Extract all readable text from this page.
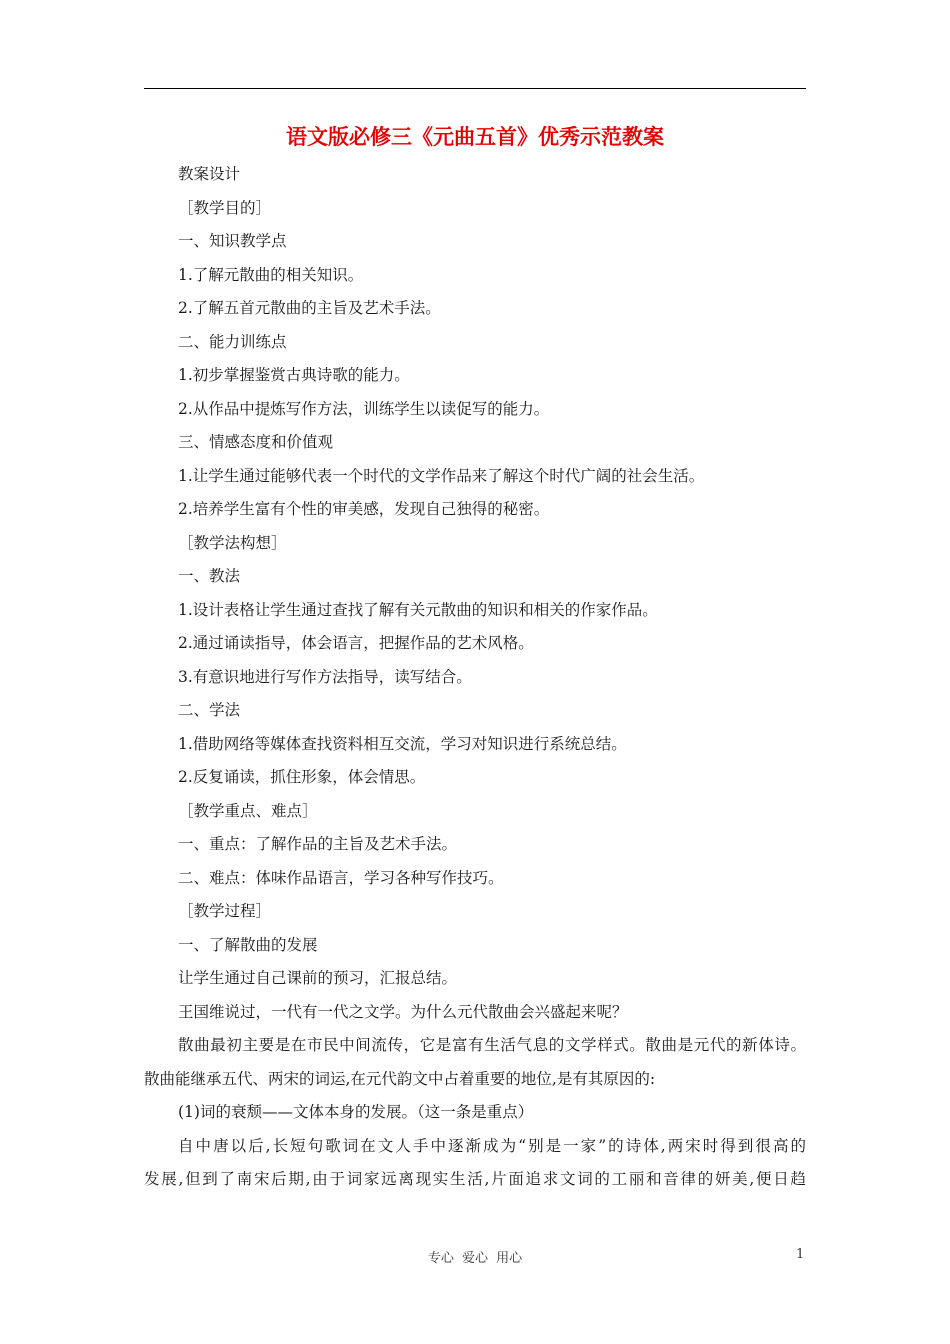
语文版必修三《元曲五首》优秀示范教案
教案设计
［教学目的］
一、知识教学点
1.了解元散曲的相关知识。
2.了解五首元散曲的主旨及艺术手法。
二、能力训练点
1.初步掌握鉴赏古典诗歌的能力。
2.从作品中提炼写作方法，训练学生以读促写的能力。
三、情感态度和价值观
1.让学生通过能够代表一个时代的文学作品来了解这个时代广阔的社会生活。
2.培养学生富有个性的审美感，发现自己独得的秘密。
［教学法构想］
一、教法
1.设计表格让学生通过查找了解有关元散曲的知识和相关的作家作品。
2.通过诵读指导，体会语言，把握作品的艺术风格。
3.有意识地进行写作方法指导，读写结合。
二、学法
1.借助网络等媒体查找资料相互交流，学习对知识进行系统总结。
2.反复诵读，抓住形象，体会情思。
［教学重点、难点］
一、重点：了解作品的主旨及艺术手法。
二、难点：体味作品语言，学习各种写作技巧。
［教学过程］
一、了解散曲的发展
让学生通过自己课前的预习，汇报总结。
王国维说过，一代有一代之文学。为什么元代散曲会兴盛起来呢？
散曲最初主要是在市民中间流传，它是富有生活气息的文学样式。散曲是元代的新体诗。
散曲能继承五代、两宋的词运,在元代韵文中占着重要的地位,是有其原因的:
(1)词的衰颓——文体本身的发展。（这一条是重点）
自中唐以后,长短句歌词在文人手中逐渐成为“别是一家”的诗体,两宋时得到很高的
发展,但到了南宋后期,由于词家远离现实生活,片面追求文词的工丽和音律的妍美,便日趋
专心 爱心 用心	1
